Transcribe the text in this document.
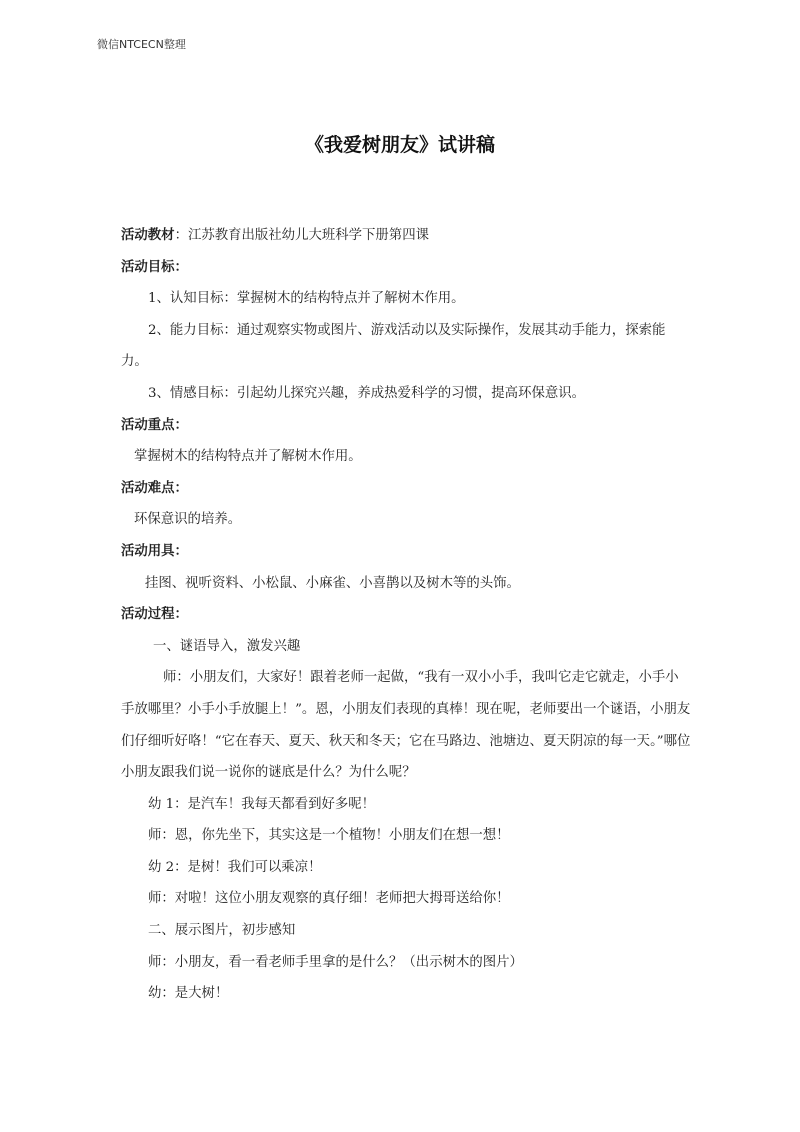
微信NTCECN整理
《我爱树朋友》试讲稿

活动教材：江苏教育出版社幼儿大班科学下册第四课

活动目标：

1、认知目标：掌握树木的结构特点并了解树木作用。

2、能力目标：通过观察实物或图片、游戏活动以及实际操作，发展其动手能力，探索能力。

3、情感目标：引起幼儿探究兴趣，养成热爱科学的习惯，提高环保意识。

活动重点：

掌握树木的结构特点并了解树木作用。

活动难点：

环保意识的培养。

活动用具：

挂图、视听资料、小松鼠、小麻雀、小喜鹊以及树木等的头饰。

活动过程：

一、谜语导入，激发兴趣

师：小朋友们，大家好！跟着老师一起做，“我有一双小小手，我叫它走它就走，小手小手放哪里？小手小手放腿上！”。恩，小朋友们表现的真棒！现在呢，老师要出一个谜语，小朋友们仔细听好咯！“它在春天、夏天、秋天和冬天；它在马路边、池塘边、夏天阴凉的每一天。”哪位小朋友跟我们说一说你的谜底是什么？为什么呢？

幼 1：是汽车！我每天都看到好多呢！

师：恩，你先坐下，其实这是一个植物！小朋友们在想一想！

幼 2：是树！我们可以乘凉！

师：对啦！这位小朋友观察的真仔细！老师把大拇哥送给你！

二、展示图片，初步感知

师：小朋友，看一看老师手里拿的是什么？（出示树木的图片）

幼：是大树！
